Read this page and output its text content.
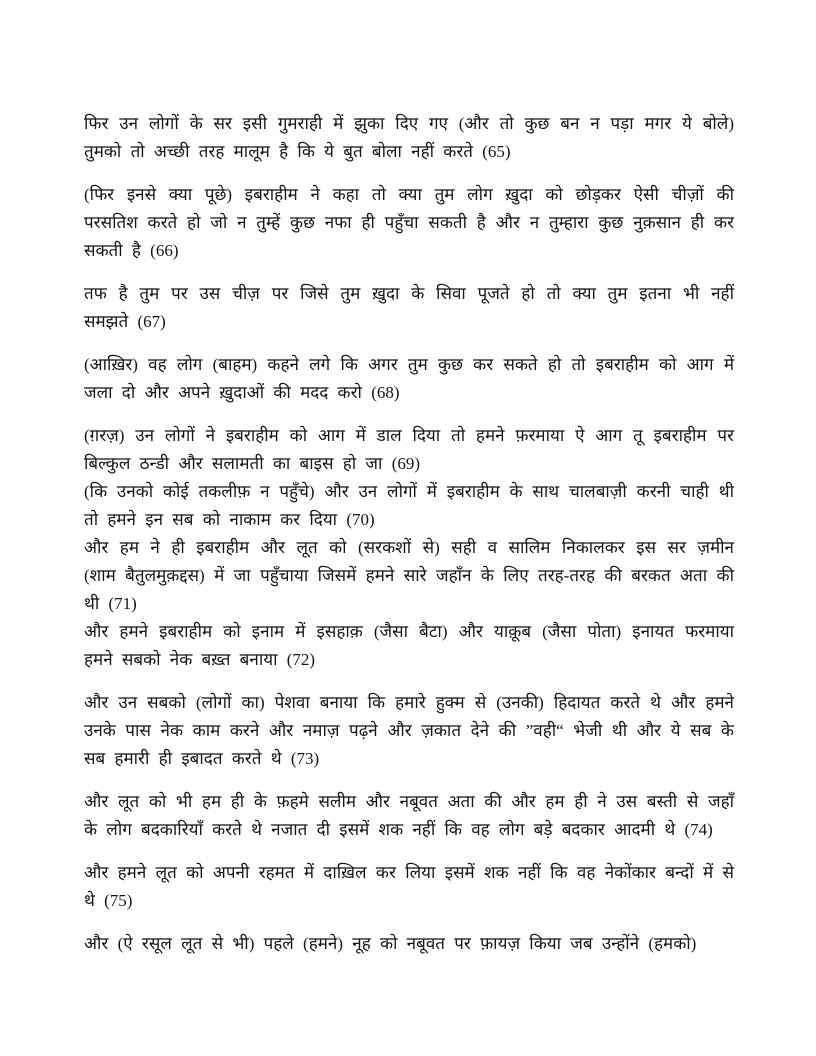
फिर उन लोगों के सर इसी गुमराही में झुका दिए गए (और तो कुछ बन न पड़ा मगर ये बोले) तुमको तो अच्छी तरह मालूम है कि ये बुत बोला नहीं करते (65)

(फिर इनसे क्या पूछे) इबराहीम ने कहा तो क्या तुम लोग ख़ुदा को छोड़कर ऐसी चीज़ों की परसतिश करते हो जो न तुम्हें कुछ नफा ही पहुँचा सकती है और न तुम्हारा कुछ नुक़सान ही कर सकती है (66)

तफ है तुम पर उस चीज़ पर जिसे तुम ख़ुदा के सिवा पूजते हो तो क्या तुम इतना भी नहीं समझते (67)

(आख़िर) वह लोग (बाहम) कहने लगे कि अगर तुम कुछ कर सकते हो तो इबराहीम को आग में जला दो और अपने ख़ुदाओं की मदद करो (68)

(ग़रज़) उन लोगों ने इबराहीम को आग में डाल दिया तो हमने फ़रमाया ऐ आग तू इबराहीम पर बिल्कुल ठन्डी और सलामती का बाइस हो जा (69)

(कि उनको कोई तकलीफ़ न पहुँचे) और उन लोगों में इबराहीम के साथ चालबाज़ी करनी चाही थी तो हमने इन सब को नाकाम कर दिया (70)

और हम ने ही इबराहीम और लूत को (सरकशों से) सही व सालिम निकालकर इस सर ज़मीन (शाम बैतुलमुक़द्दस) में जा पहुँचाया जिसमें हमने सारे जहाँन के लिए तरह-तरह की बरकत अता की थी (71)

और हमने इबराहीम को इनाम में इसहाक़ (जैसा बैटा) और याक़ूब (जैसा पोता) इनायत फरमाया हमने सबको नेक बख़्त बनाया (72)

और उन सबको (लोगों का) पेशवा बनाया कि हमारे हुक्म से (उनकी) हिदायत करते थे और हमने उनके पास नेक काम करने और नमाज़ पढ़ने और ज़कात देने की ”वही“ भेजी थी और ये सब के सब हमारी ही इबादत करते थे (73)

और लूत को भी हम ही के फ़हमे सलीम और नबूवत अता की और हम ही ने उस बस्ती से जहाँ के लोग बदकारियाँ करते थे नजात दी इसमें शक नहीं कि वह लोग बड़े बदकार आदमी थे (74)

और हमने लूत को अपनी रहमत में दाख़िल कर लिया इसमें शक नहीं कि वह नेकोंकार बन्दों में से थे (75)

और (ऐ रसूल लूत से भी) पहले (हमने) नूह को नबूवत पर फ़ायज़ किया जब उन्होंने (हमको)
